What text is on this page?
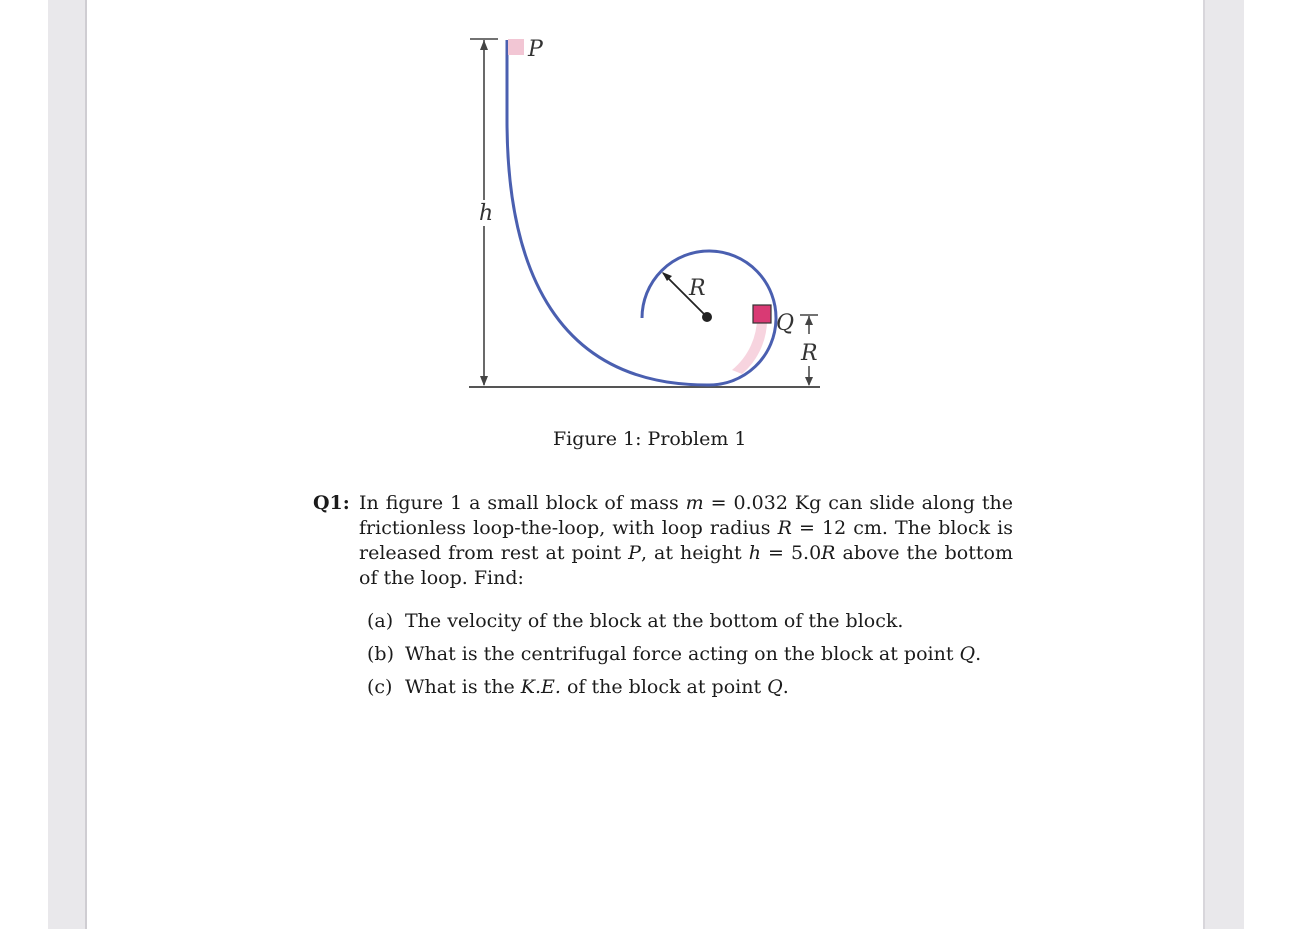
h
R
P
Q
R
Figure 1: Problem 1
Q1: In figure 1 a small block of mass m = 0.032 Kg can slide along the frictionless loop-the-loop, with loop radius R = 12 cm. The block is released from rest at point P, at height h = 5.0R above the bottom of the loop. Find:
(a) The velocity of the block at the bottom of the block.
(b) What is the centrifugal force acting on the block at point Q.
(c) What is the K.E. of the block at point Q.
